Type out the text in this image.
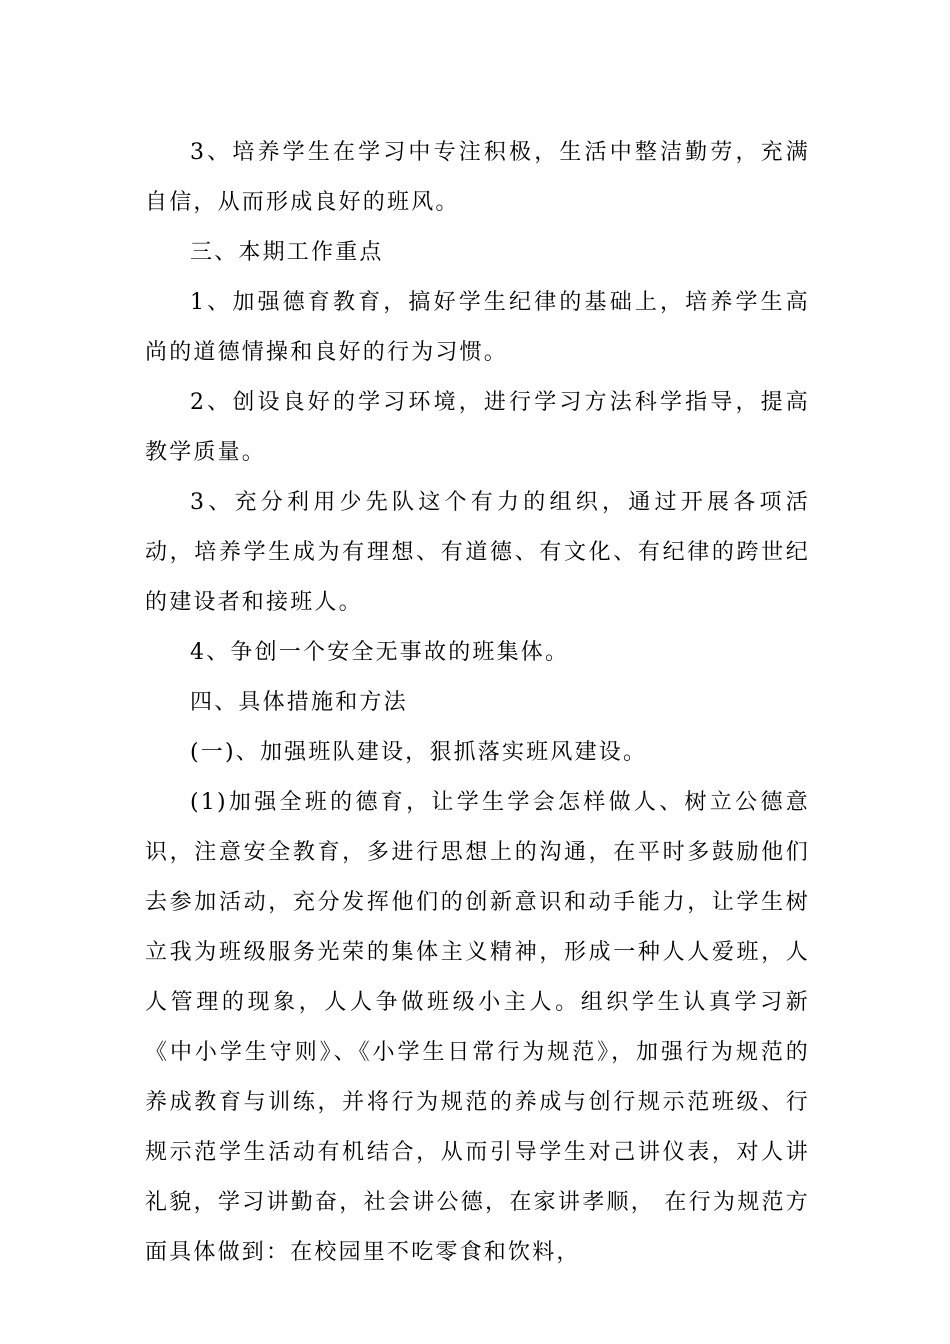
3、培养学生在学习中专注积极，生活中整洁勤劳，充满自信，从而形成良好的班风。

三、本期工作重点

1、加强德育教育，搞好学生纪律的基础上，培养学生高尚的道德情操和良好的行为习惯。

2、创设良好的学习环境，进行学习方法科学指导，提高教学质量。

3、充分利用少先队这个有力的组织，通过开展各项活动，培养学生成为有理想、有道德、有文化、有纪律的跨世纪的建设者和接班人。

4、争创一个安全无事故的班集体。

四、具体措施和方法

(一)、加强班队建设，狠抓落实班风建设。

(1)加强全班的德育，让学生学会怎样做人、树立公德意识，注意安全教育，多进行思想上的沟通，在平时多鼓励他们去参加活动，充分发挥他们的创新意识和动手能力，让学生树立我为班级服务光荣的集体主义精神，形成一种人人爱班，人人管理的现象，人人争做班级小主人。组织学生认真学习新《中小学生守则》、《小学生日常行为规范》，加强行为规范的养成教育与训练，并将行为规范的养成与创行规示范班级、行规示范学生活动有机结合，从而引导学生对己讲仪表，对人讲礼貌，学习讲勤奋，社会讲公德，在家讲孝顺， 在行为规范方面具体做到：在校园里不吃零食和饮料，
